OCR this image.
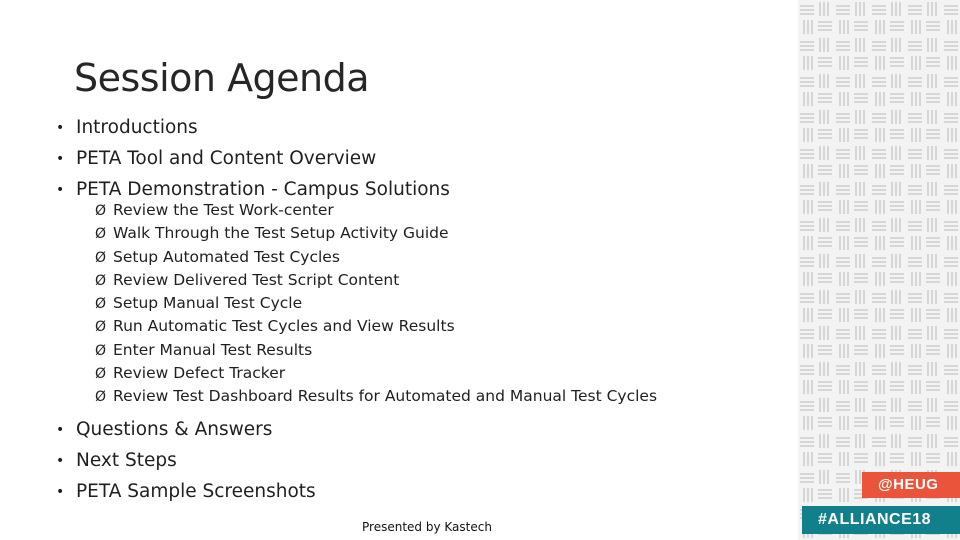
Session Agenda
• Introductions
• PETA Tool and Content Overview
• PETA Demonstration - Campus Solutions
Ø Review the Test Work-center
Ø Walk Through the Test Setup Activity Guide
Ø Setup Automated Test Cycles
Ø Review Delivered Test Script Content
Ø Setup Manual Test Cycle
Ø Run Automatic Test Cycles and View Results
Ø Enter Manual Test Results
Ø Review Defect Tracker
Ø Review Test Dashboard Results for Automated and Manual Test Cycles
• Questions & Answers
• Next Steps
• PETA Sample Screenshots
Presented by Kastech
@HEUG
#ALLIANCE18
